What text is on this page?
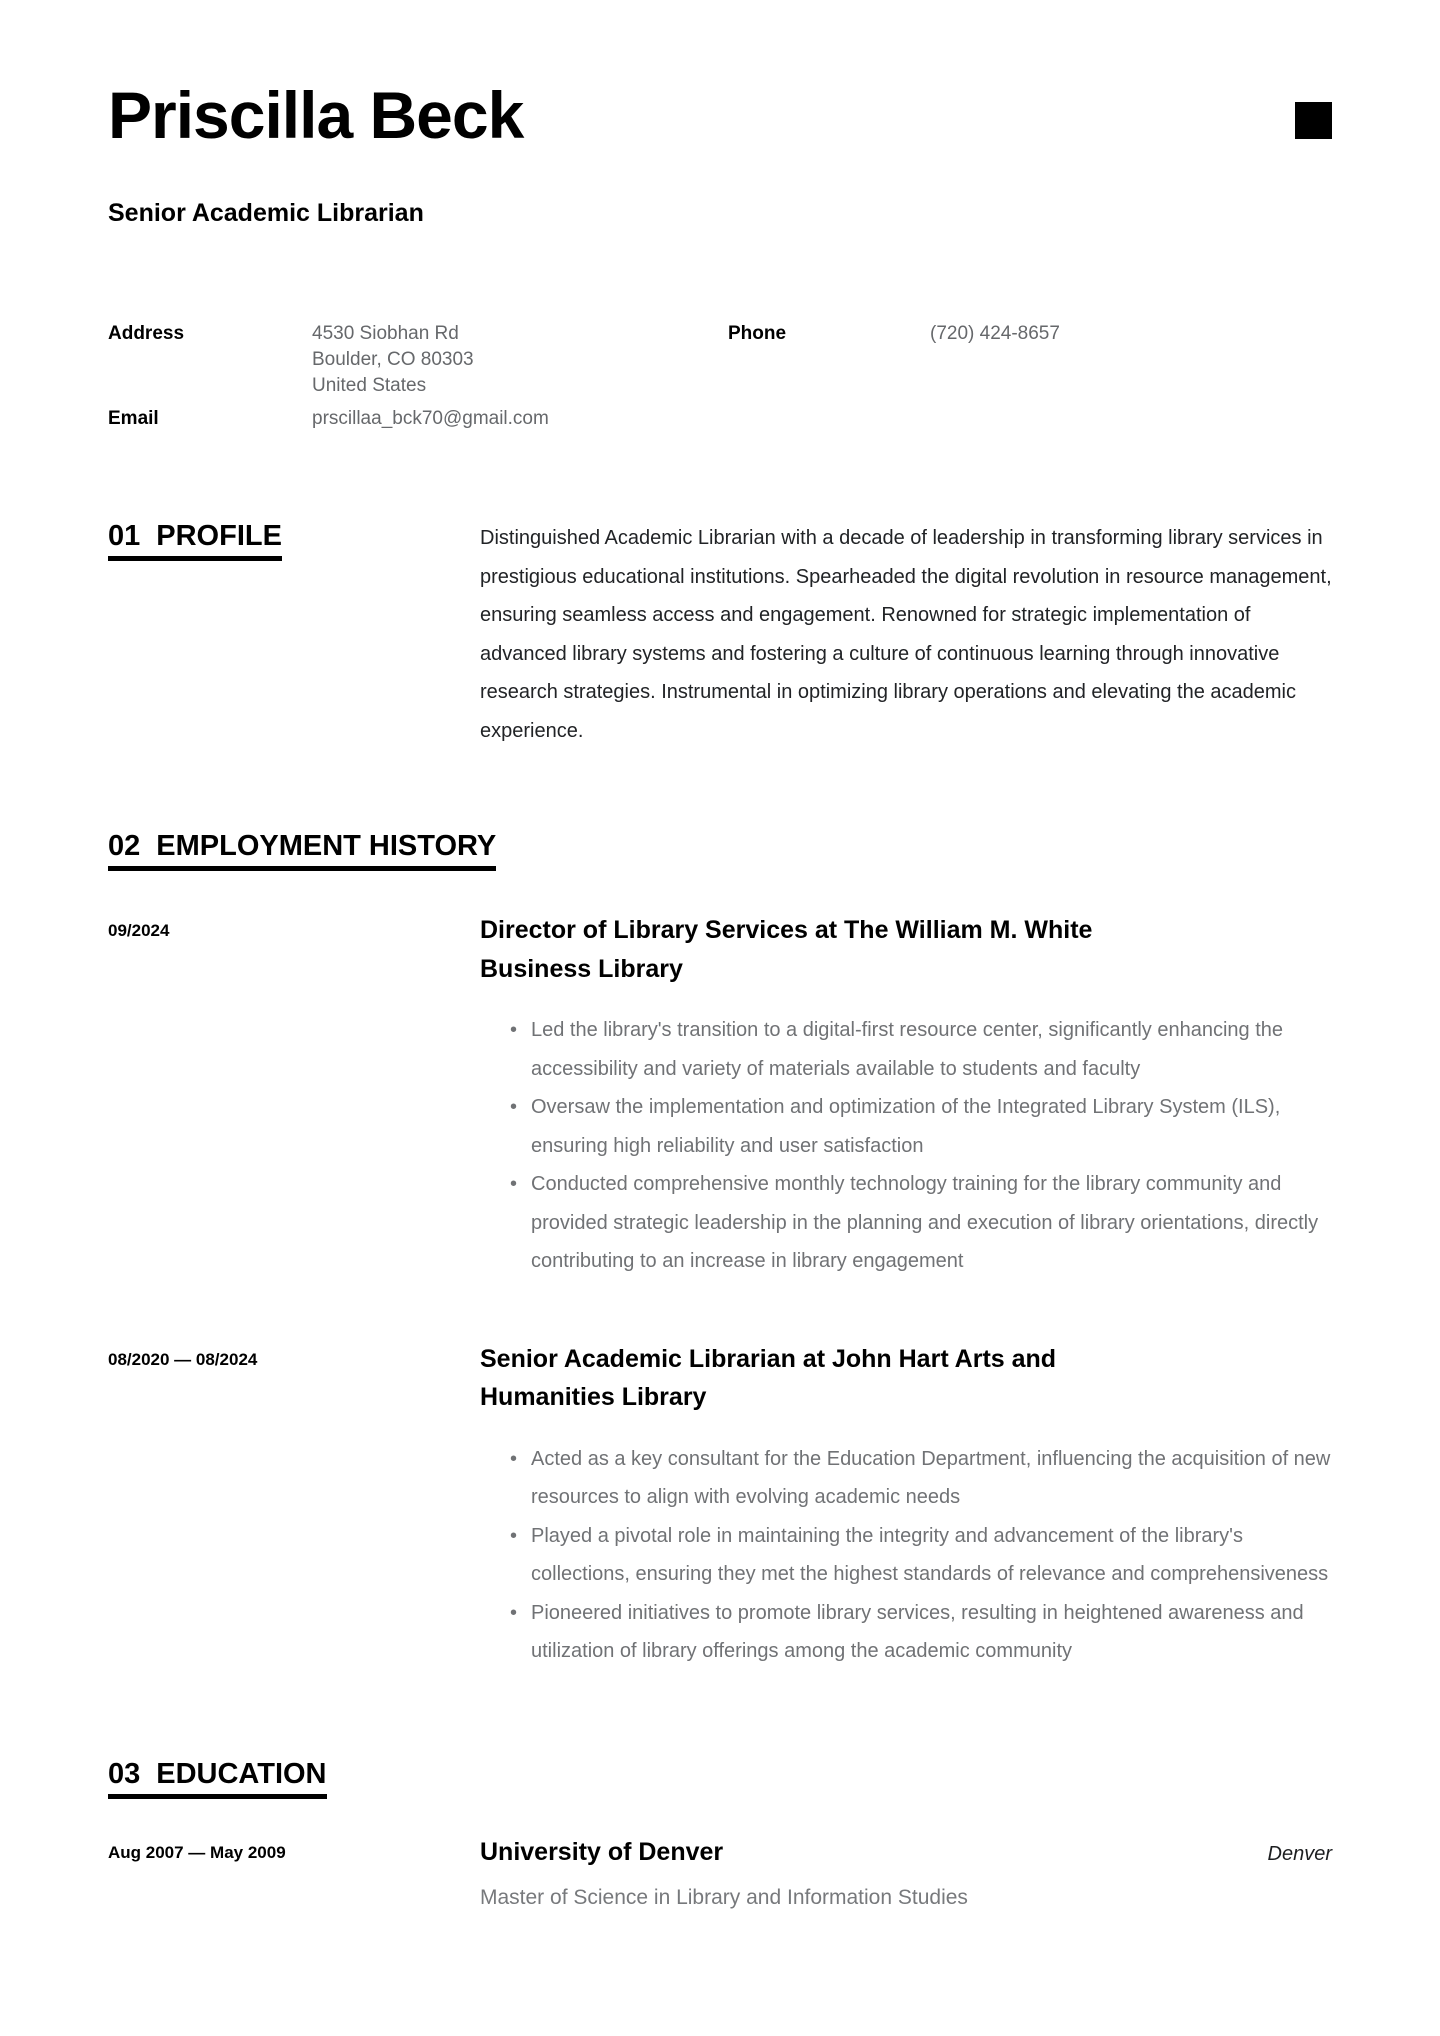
Priscilla Beck
Senior Academic Librarian
Address	4530 Siobhan Rd
Boulder, CO 80303
United States
Phone	(720) 424-8657
Email	prscillaa_bck70@gmail.com
01 PROFILE	Distinguished Academic Librarian with a decade of leadership in transforming library services in prestigious educational institutions. Spearheaded the digital revolution in resource management, ensuring seamless access and engagement. Renowned for strategic implementation of advanced library systems and fostering a culture of continuous learning through innovative research strategies. Instrumental in optimizing library operations and elevating the academic experience.
02 EMPLOYMENT HISTORY
09/2024	Director of Library Services at The William M. White Business Library
• Led the library's transition to a digital-first resource center, significantly enhancing the accessibility and variety of materials available to students and faculty
• Oversaw the implementation and optimization of the Integrated Library System (ILS), ensuring high reliability and user satisfaction
• Conducted comprehensive monthly technology training for the library community and provided strategic leadership in the planning and execution of library orientations, directly contributing to an increase in library engagement
08/2020 — 08/2024	Senior Academic Librarian at John Hart Arts and Humanities Library
• Acted as a key consultant for the Education Department, influencing the acquisition of new resources to align with evolving academic needs
• Played a pivotal role in maintaining the integrity and advancement of the library's collections, ensuring they met the highest standards of relevance and comprehensiveness
• Pioneered initiatives to promote library services, resulting in heightened awareness and utilization of library offerings among the academic community
03 EDUCATION
Aug 2007 — May 2009	University of Denver	Denver
Master of Science in Library and Information Studies
